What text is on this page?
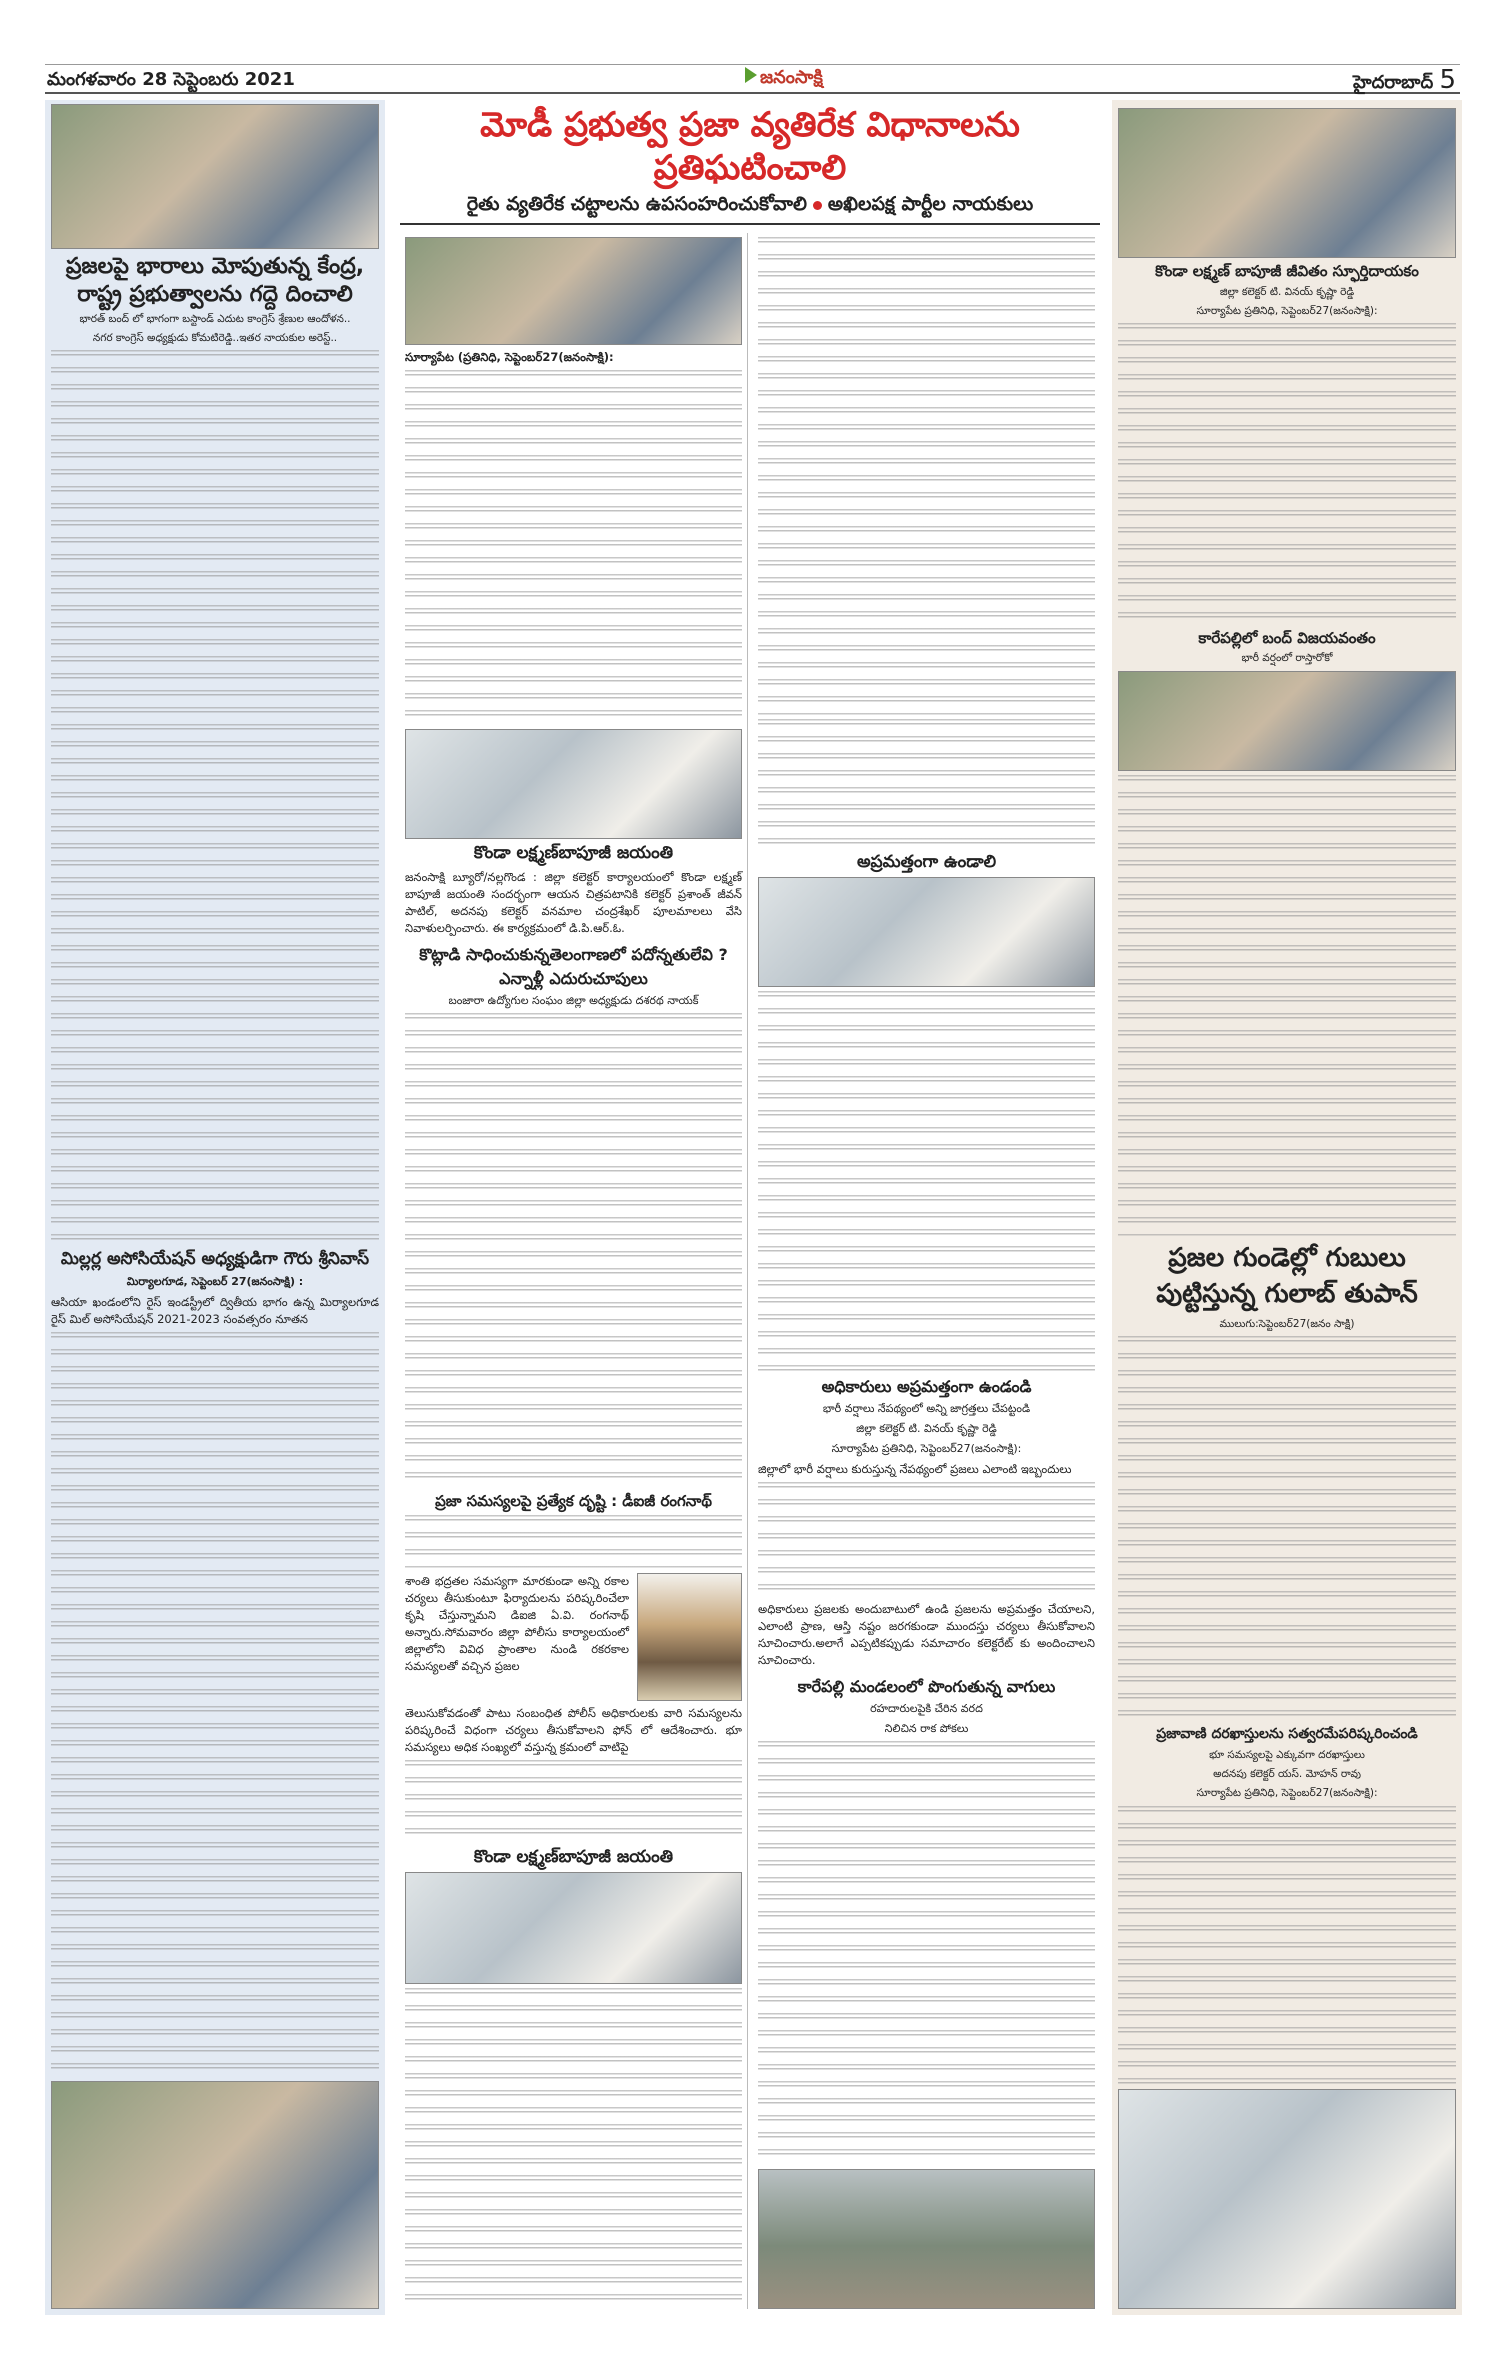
మంగళవారం 28 సెప్టెంబరు 2021	జనంసాక్షి	హైదరాబాద్ 5
ప్రజలపై భారాలు మోపుతున్న కేంద్ర, రాష్ట్ర ప్రభుత్వాలను గద్దె దించాలి
భారత్ బంద్ లో భాగంగా బస్టాండ్ ఎదుట కాంగ్రెస్ శ్రేణుల ఆందోళన..
నగర కాంగ్రెస్ అధ్యక్షుడు కోమటిరెడ్డి..ఇతర నాయకుల అరెస్ట్..
మిల్లర్ల అసోసియేషన్ అధ్యక్షుడిగా గౌరు శ్రీనివాస్
మిర్యాలగూడ, సెప్టెంబర్ 27(జనంసాక్షి) :
ఆసియా ఖండంలోని రైస్ ఇండస్ట్రీలో ద్వితీయ భాగం ఉన్న మిర్యాలగూడ రైస్ మిల్ అసోసియేషన్ 2021-2023 సంవత్సరం నూతన
మోడీ ప్రభుత్వ ప్రజా వ్యతిరేక విధానాలను ప్రతిఘటించాలి
రైతు వ్యతిరేక చట్టాలను ఉపసంహరించుకోవాలి అఖిలపక్ష పార్టీల నాయకులు
సూర్యాపేట (ప్రతినిధి, సెప్టెంబర్27(జనంసాక్షి):
కొండా లక్ష్మణ్‌బాపూజీ జయంతి
జనంసాక్షి బ్యూరో/నల్లగొండ : జిల్లా కలెక్టర్ కార్యాలయంలో కొండా లక్ష్మణ్ బాపూజీ జయంతి సందర్భంగా ఆయన చిత్రపటానికి కలెక్టర్ ప్రశాంత్ జీవన్ పాటిల్, అదనపు కలెక్టర్ వనమాల చంద్రశేఖర్ పూలమాలలు వేసి నివాళులర్పించారు. ఈ కార్యక్రమంలో డి.పి.ఆర్.ఓ.
కొట్లాడి సాధించుకున్నతెలంగాణలో పదోన్నతులేవి ?
ఎన్నాళ్లీ ఎదురుచూపులు
బంజారా ఉద్యోగుల సంఘం జిల్లా అధ్యక్షుడు దశరథ నాయక్
ప్రజా సమస్యలపై ప్రత్యేక దృష్టి : డీఐజీ రంగనాథ్
శాంతి భద్రతల సమస్యగా మారకుండా అన్ని రకాల చర్యలు తీసుకుంటూ ఫిర్యాదులను పరిష్కరించేలా కృషి చేస్తున్నామని డిఐజి ఏ.వి. రంగనాథ్ అన్నారు.సోమవారం జిల్లా పోలీసు కార్యాలయంలో జిల్లాలోని వివిధ ప్రాంతాల నుండి రకరకాల సమస్యలతో వచ్చిన ప్రజల
తెలుసుకోవడంతో పాటు సంబంధిత పోలీస్ అధికారులకు వారి సమస్యలను పరిష్కరించే విధంగా చర్యలు తీసుకోవాలని ఫోన్ లో ఆదేశించారు. భూ సమస్యలు అధిక సంఖ్యలో వస్తున్న క్రమంలో వాటిపై
కొండా లక్ష్మణ్‌బాపూజీ జయంతి
అప్రమత్తంగా ఉండాలి
అధికారులు అప్రమత్తంగా ఉండండి
భారీ వర్షాలు నేపథ్యంలో అన్ని జాగ్రత్తలు చేపట్టండి
జిల్లా కలెక్టర్ టి. వినయ్ కృష్ణా రెడ్డి
సూర్యాపేట ప్రతినిధి, సెప్టెంబర్27(జనంసాక్షి):
జిల్లాలో భారీ వర్షాలు కురుస్తున్న నేపథ్యంలో ప్రజలు ఎలాంటి ఇబ్బందులు
అధికారులు ప్రజలకు అందుబాటులో ఉండి ప్రజలను అప్రమత్తం చేయాలని, ఎలాంటి ప్రాణ, ఆస్తి నష్టం జరగకుండా ముందస్తు చర్యలు తీసుకోవాలని సూచించారు.అలాగే ఎప్పటికప్పుడు సమాచారం కలెక్టరేట్ కు అందించాలని సూచించారు.
కారేపల్లి మండలంలో పొంగుతున్న వాగులు
రహదారులపైకి చేరిన వరద
నిలిచిన రాక పోకలు
కొండా లక్ష్మణ్ బాపూజీ జీవితం స్ఫూర్తిదాయకం
జిల్లా కలెక్టర్ టి. వినయ్ కృష్ణా రెడ్డి
సూర్యాపేట ప్రతినిధి, సెప్టెంబర్27(జనంసాక్షి):
కారేపల్లిలో బంద్ విజయవంతం
భారీ వర్షంలో రాస్తారోకో
ప్రజల గుండెల్లో గుబులు పుట్టిస్తున్న గులాబ్ తుపాన్
ములుగు:సెప్టెంబర్27(జనం సాక్షి)
ప్రజావాణి దరఖాస్తులను సత్వరమేపరిష్కరించండి
భూ సమస్యలపై ఎక్కువగా దరఖాస్తులు
అదనపు కలెక్టర్ యస్. మోహన్ రావు
సూర్యాపేట ప్రతినిధి, సెప్టెంబర్27(జనంసాక్షి):
